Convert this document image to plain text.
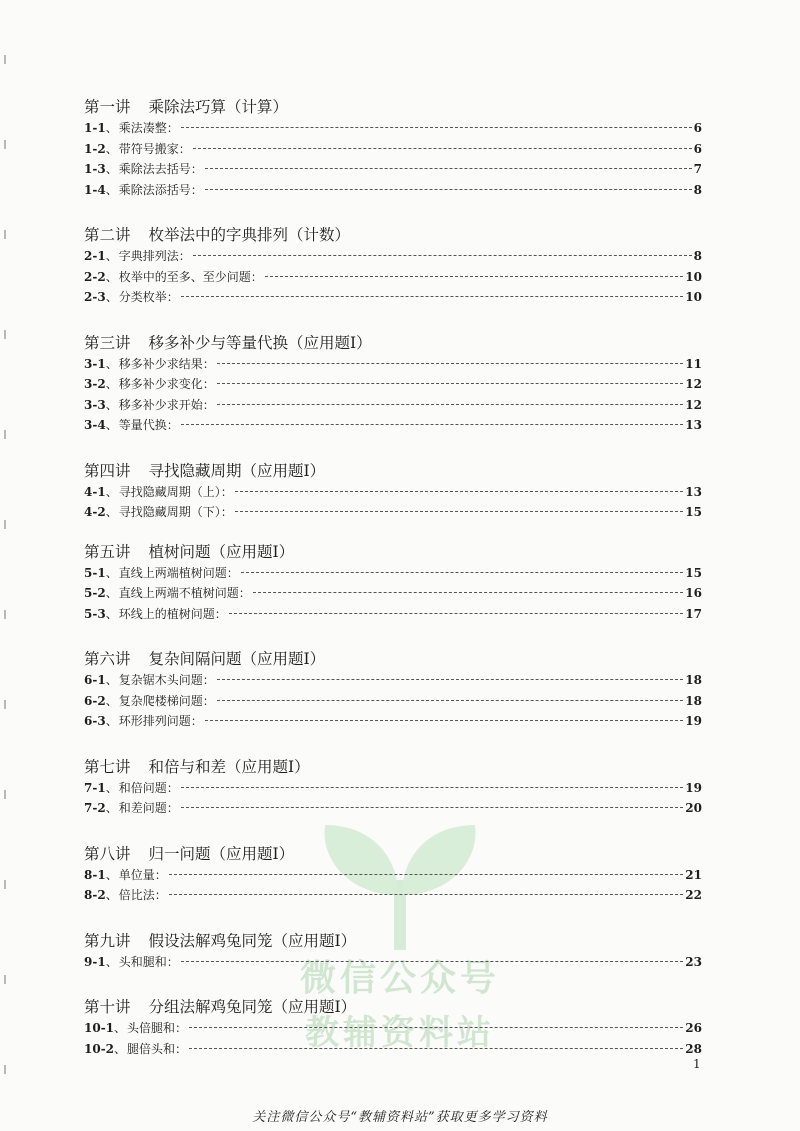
微信公众号
教辅资料站
第一讲 乘除法巧算（计算）
1-1 、 乘法凑整：	6
1-2 、 带符号搬家：	6
1-3 、 乘除法去括号：	7
1-4 、 乘除法添括号：	8
第二讲 枚举法中的字典排列（计数）
2-1 、 字典排列法：	8
2-2 、 枚举中的至多、至少问题：	10
2-3 、 分类枚举：	10
第三讲 移多补少与等量代换（应用题Ⅰ）
3-1 、 移多补少求结果：	11
3-2 、 移多补少求变化：	12
3-3 、 移多补少求开始：	12
3-4 、 等量代换：	13
第四讲 寻找隐藏周期（应用题Ⅰ）
4-1 、 寻找隐藏周期（上）：	13
4-2 、 寻找隐藏周期（下）：	15
第五讲 植树问题（应用题Ⅰ）
5-1 、 直线上两端植树问题：	15
5-2 、 直线上两端不植树问题：	16
5-3 、 环线上的植树问题：	17
第六讲 复杂间隔问题（应用题Ⅰ）
6-1 、 复杂锯木头问题：	18
6-2 、 复杂爬楼梯问题：	18
6-3 、 环形排列问题：	19
第七讲 和倍与和差（应用题Ⅰ）
7-1 、 和倍问题：	19
7-2 、 和差问题：	20
第八讲 归一问题（应用题Ⅰ）
8-1 、 单位量：	21
8-2 、 倍比法：	22
第九讲 假设法解鸡兔同笼（应用题Ⅰ）
9-1 、 头和腿和：	23
第十讲 分组法解鸡兔同笼（应用题Ⅰ）
10-1 、 头倍腿和：	26
10-2 、 腿倍头和：	28
1
关注微信公众号“教辅资料站”获取更多学习资料
